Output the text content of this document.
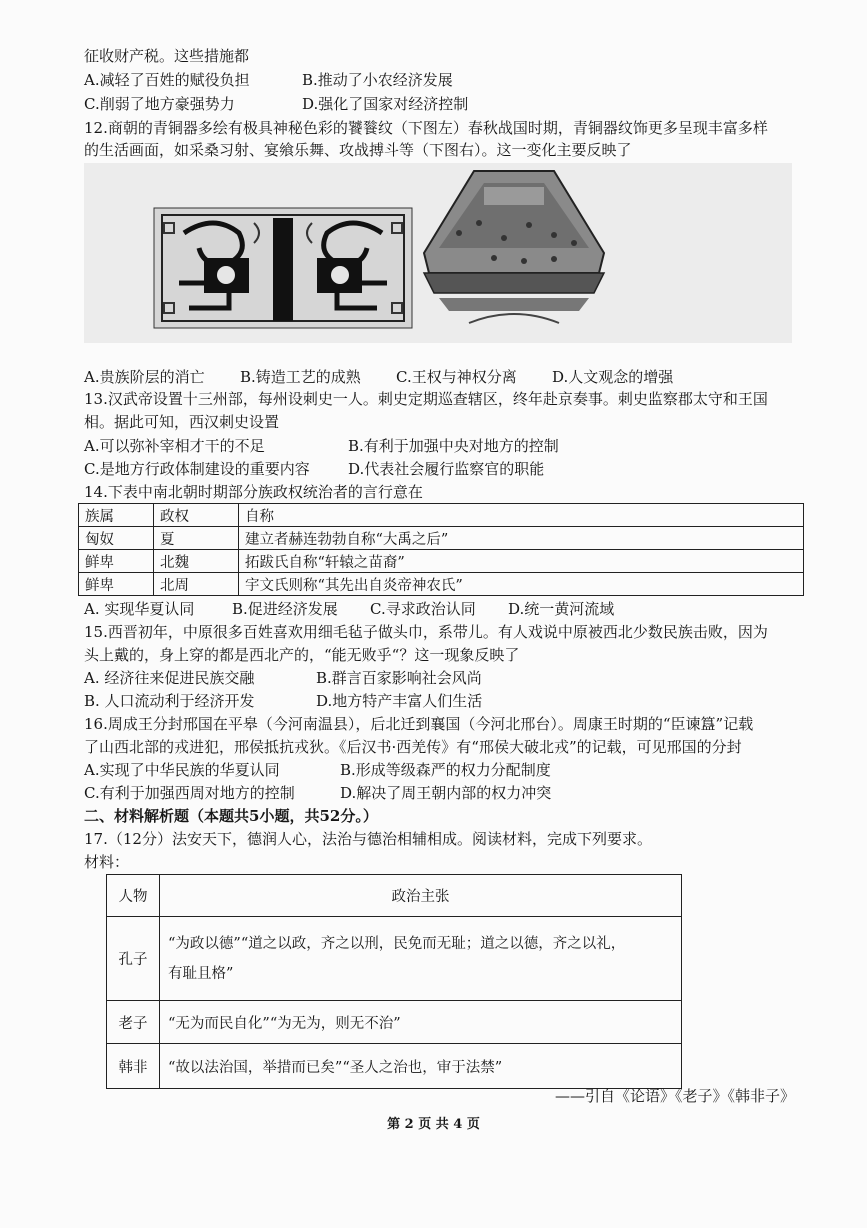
征收财产税。这些措施都
A.减轻了百姓的赋役负担	B.推动了小农经济发展
C.削弱了地方豪强势力	D.强化了国家对经济控制
12.商朝的青铜器多绘有极具神秘色彩的饕餮纹（下图左）春秋战国时期，青铜器纹饰更多呈现丰富多样
的生活画面，如采桑习射、宴飨乐舞、攻战搏斗等（下图右）。这一变化主要反映了
A.贵族阶层的消亡 B.铸造工艺的成熟 C.王权与神权分离 D.人文观念的增强
13.汉武帝设置十三州部，每州设刺史一人。刺史定期巡查辖区，终年赴京奏事。刺史监察郡太守和王国
相。据此可知，西汉刺史设置
A.可以弥补宰相才干的不足	B.有利于加强中央对地方的控制
C.是地方行政体制建设的重要内容	D.代表社会履行监察官的职能
14.下表中南北朝时期部分族政权统治者的言行意在
族属	政权	自称
匈奴	夏	建立者赫连勃勃自称“大禹之后”
鲜卑	北魏	拓跋氏自称“轩辕之苗裔”
鲜卑	北周	宇文氏则称“其先出自炎帝神农氏”
A. 实现华夏认同	B.促进经济发展 C.寻求政治认同 D.统一黄河流域
15.西晋初年，中原很多百姓喜欢用细毛毡子做头巾，系带儿。有人戏说中原被西北少数民族击败，因为
头上戴的，身上穿的都是西北产的，“能无败乎“？这一现象反映了
A. 经济往来促进民族交融	B.群言百家影响社会风尚
B. 人口流动利于经济开发	D.地方特产丰富人们生活
16.周成王分封邢国在平皋（今河南温县），后北迁到襄国（今河北邢台）。周康王时期的“臣谏簋”记载
了山西北部的戎进犯，邢侯抵抗戎狄。《后汉书·西羌传》有“邢侯大破北戎”的记载，可见邢国的分封
A.实现了中华民族的华夏认同	B.形成等级森严的权力分配制度
C.有利于加强西周对地方的控制	D.解决了周王朝内部的权力冲突
二、材料解析题（本题共5小题，共52分。）
17.（12分）法安天下，德润人心，法治与德治相辅相成。阅读材料，完成下列要求。
材料：
人物	政治主张
孔子	“为政以德”“道之以政，齐之以刑，民免而无耻；道之以德，齐之以礼，
有耻且格”

老子	“无为而民自化”“为无为，则无不治”
韩非	“故以法治国，举措而已矣”“圣人之治也，审于法禁”
——引自《论语》《老子》《韩非子》
第 2 页 共 4 页
